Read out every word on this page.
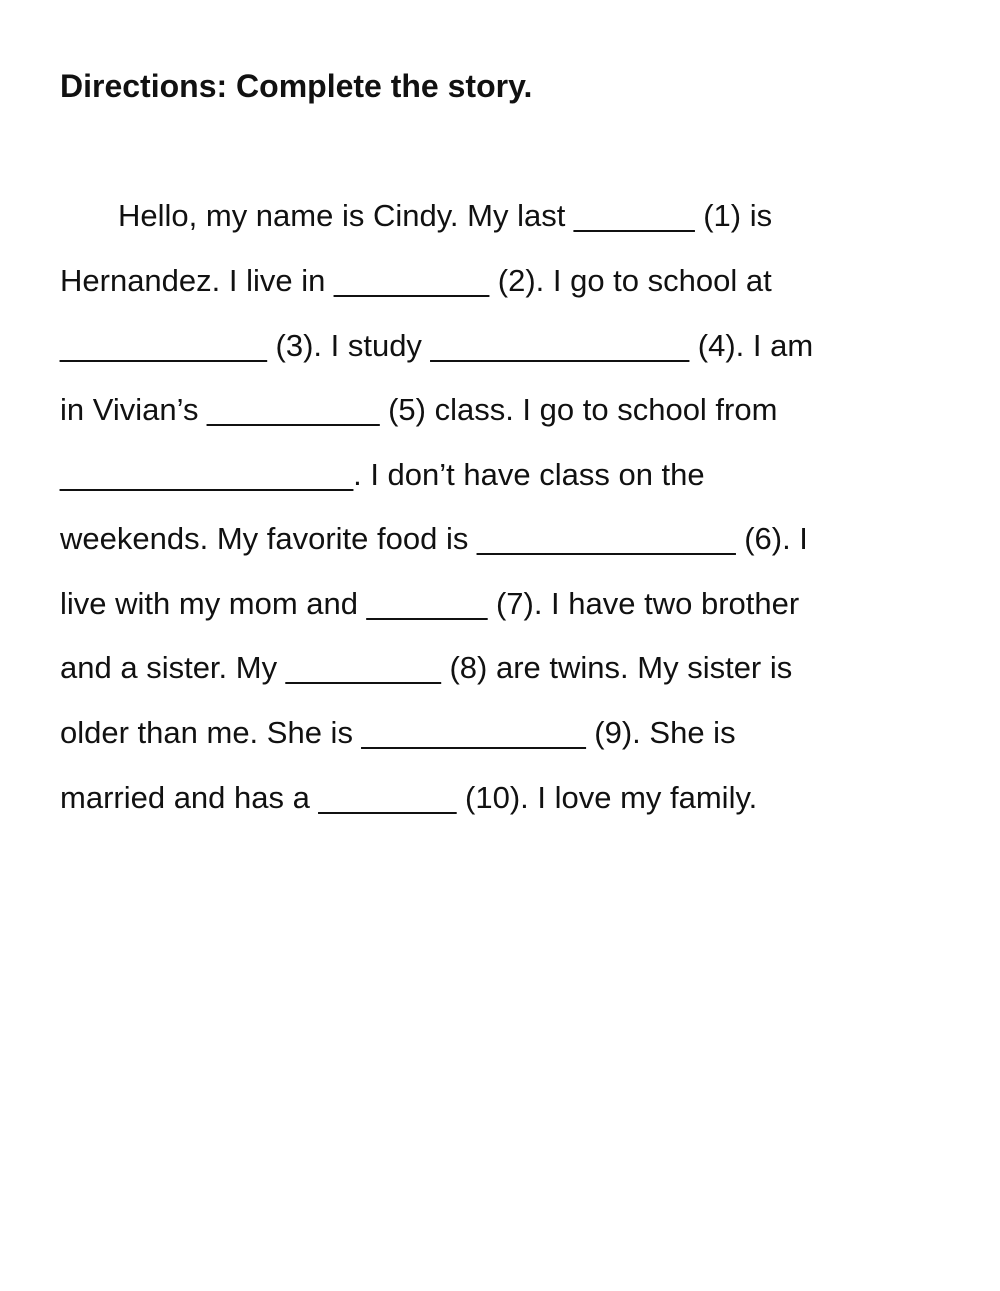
Directions: Complete the story.

Hello, my name is Cindy. My last _______ (1) is

Hernandez. I live in _________ (2). I go to school at

____________ (3). I study _______________ (4). I am

in Vivian’s __________ (5) class. I go to school from

_________________. I don’t have class on the

weekends. My favorite food is _______________ (6). I

live with my mom and _______ (7). I have two brother

and a sister. My _________ (8) are twins. My sister is

older than me. She is _____________ (9). She is

married and has a ________ (10). I love my family.
